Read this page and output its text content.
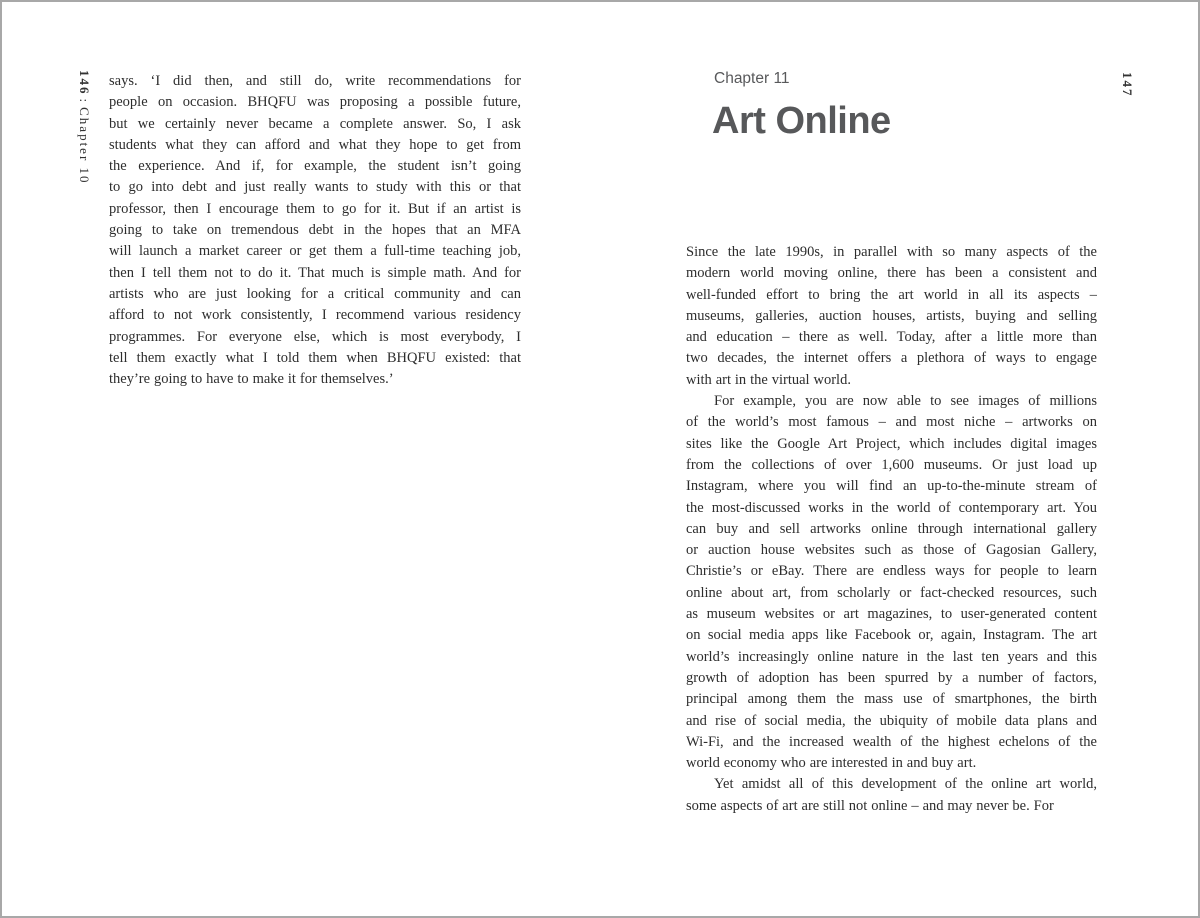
146:Chapter 10
says. ‘I did then, and still do, write recommendations for
people on occasion. BHQFU was proposing a possible future,
but we certainly never became a complete answer. So, I ask
students what they can afford and what they hope to get from
the experience. And if, for example, the student isn’t going
to go into debt and just really wants to study with this or that
professor, then I encourage them to go for it. But if an artist is
going to take on tremendous debt in the hopes that an MFA
will launch a market career or get them a full-time teaching job,
then I tell them not to do it. That much is simple math. And for
artists who are just looking for a critical community and can
afford to not work consistently, I recommend various residency
programmes. For everyone else, which is most everybody, I
tell them exactly what I told them when BHQFU existed: that
they’re going to have to make it for themselves.’
Chapter 11
Art Online
147
Since the late 1990s, in parallel with so many aspects of the
modern world moving online, there has been a consistent and
well-funded effort to bring the art world in all its aspects –
museums, galleries, auction houses, artists, buying and selling
and education – there as well. Today, after a little more than
two decades, the internet offers a plethora of ways to engage
with art in the virtual world.
For example, you are now able to see images of millions
of the world’s most famous – and most niche – artworks on
sites like the Google Art Project, which includes digital images
from the collections of over 1,600 museums. Or just load up
Instagram, where you will find an up-to-the-minute stream of
the most-discussed works in the world of contemporary art. You
can buy and sell artworks online through international gallery
or auction house websites such as those of Gagosian Gallery,
Christie’s or eBay. There are endless ways for people to learn
online about art, from scholarly or fact-checked resources, such
as museum websites or art magazines, to user-generated content
on social media apps like Facebook or, again, Instagram. The art
world’s increasingly online nature in the last ten years and this
growth of adoption has been spurred by a number of factors,
principal among them the mass use of smartphones, the birth
and rise of social media, the ubiquity of mobile data plans and
Wi-Fi, and the increased wealth of the highest echelons of the
world economy who are interested in and buy art.
Yet amidst all of this development of the online art world,
some aspects of art are still not online – and may never be. For
